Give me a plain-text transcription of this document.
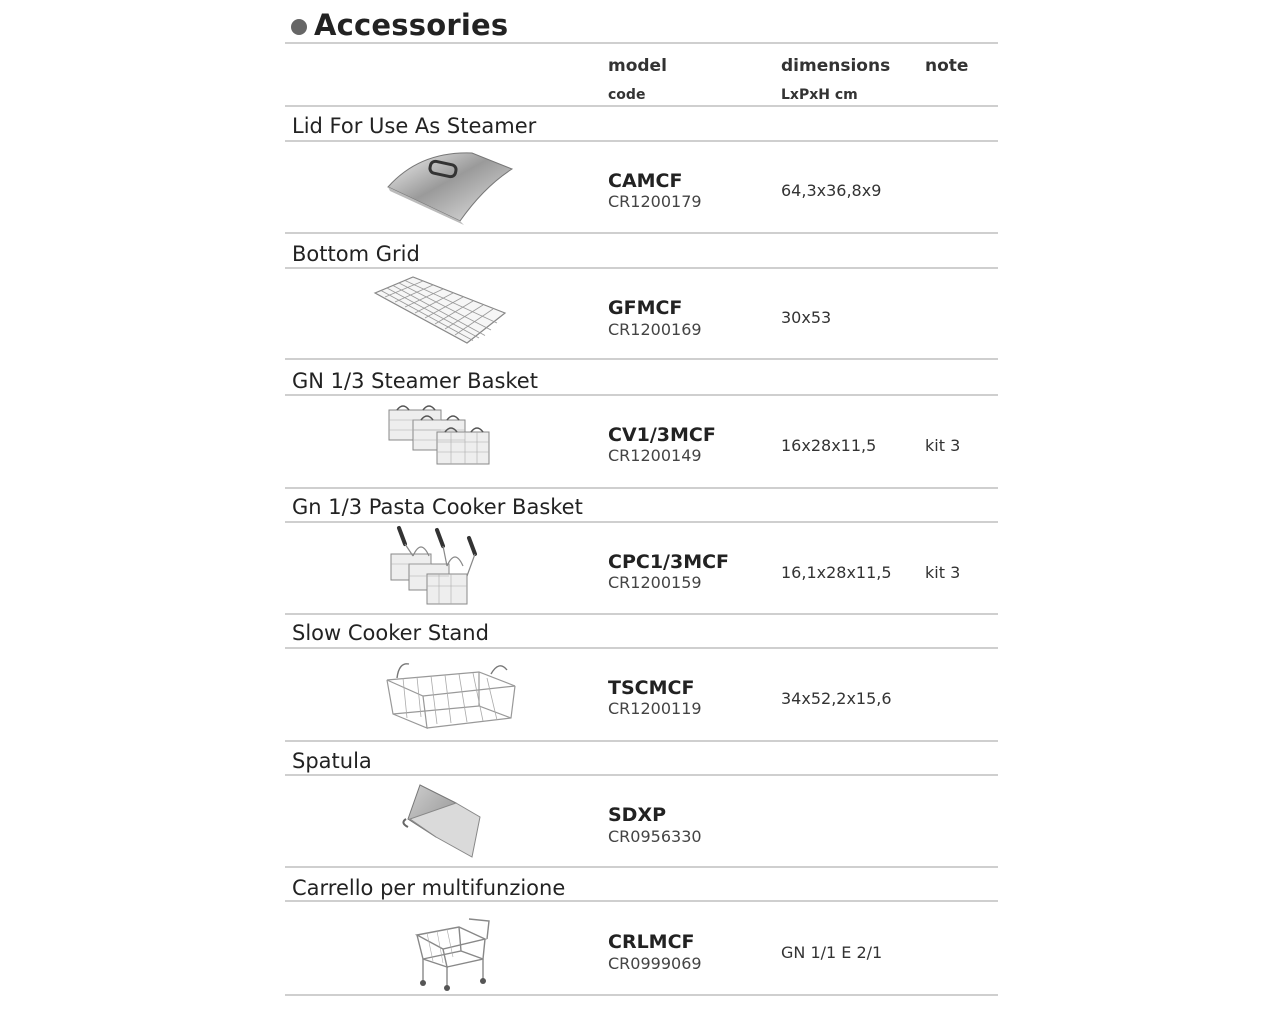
Accessories
model
code
dimensions
LxPxH cm
note
Lid For Use As Steamer
CAMCF
CR1200179
64,3x36,8x9
Bottom Grid
GFMCF
CR1200169
30x53
GN 1/3 Steamer Basket
CV1/3MCF
CR1200149
16x28x11,5	kit 3
Gn 1/3 Pasta Cooker Basket
CPC1/3MCF
CR1200159
16,1x28x11,5 kit 3
Slow Cooker Stand
TSCMCF
CR1200119
34x52,2x15,6
Spatula
SDXP
CR0956330
Carrello per multifunzione
CRLMCF
CR0999069
GN 1/1 E 2/1
